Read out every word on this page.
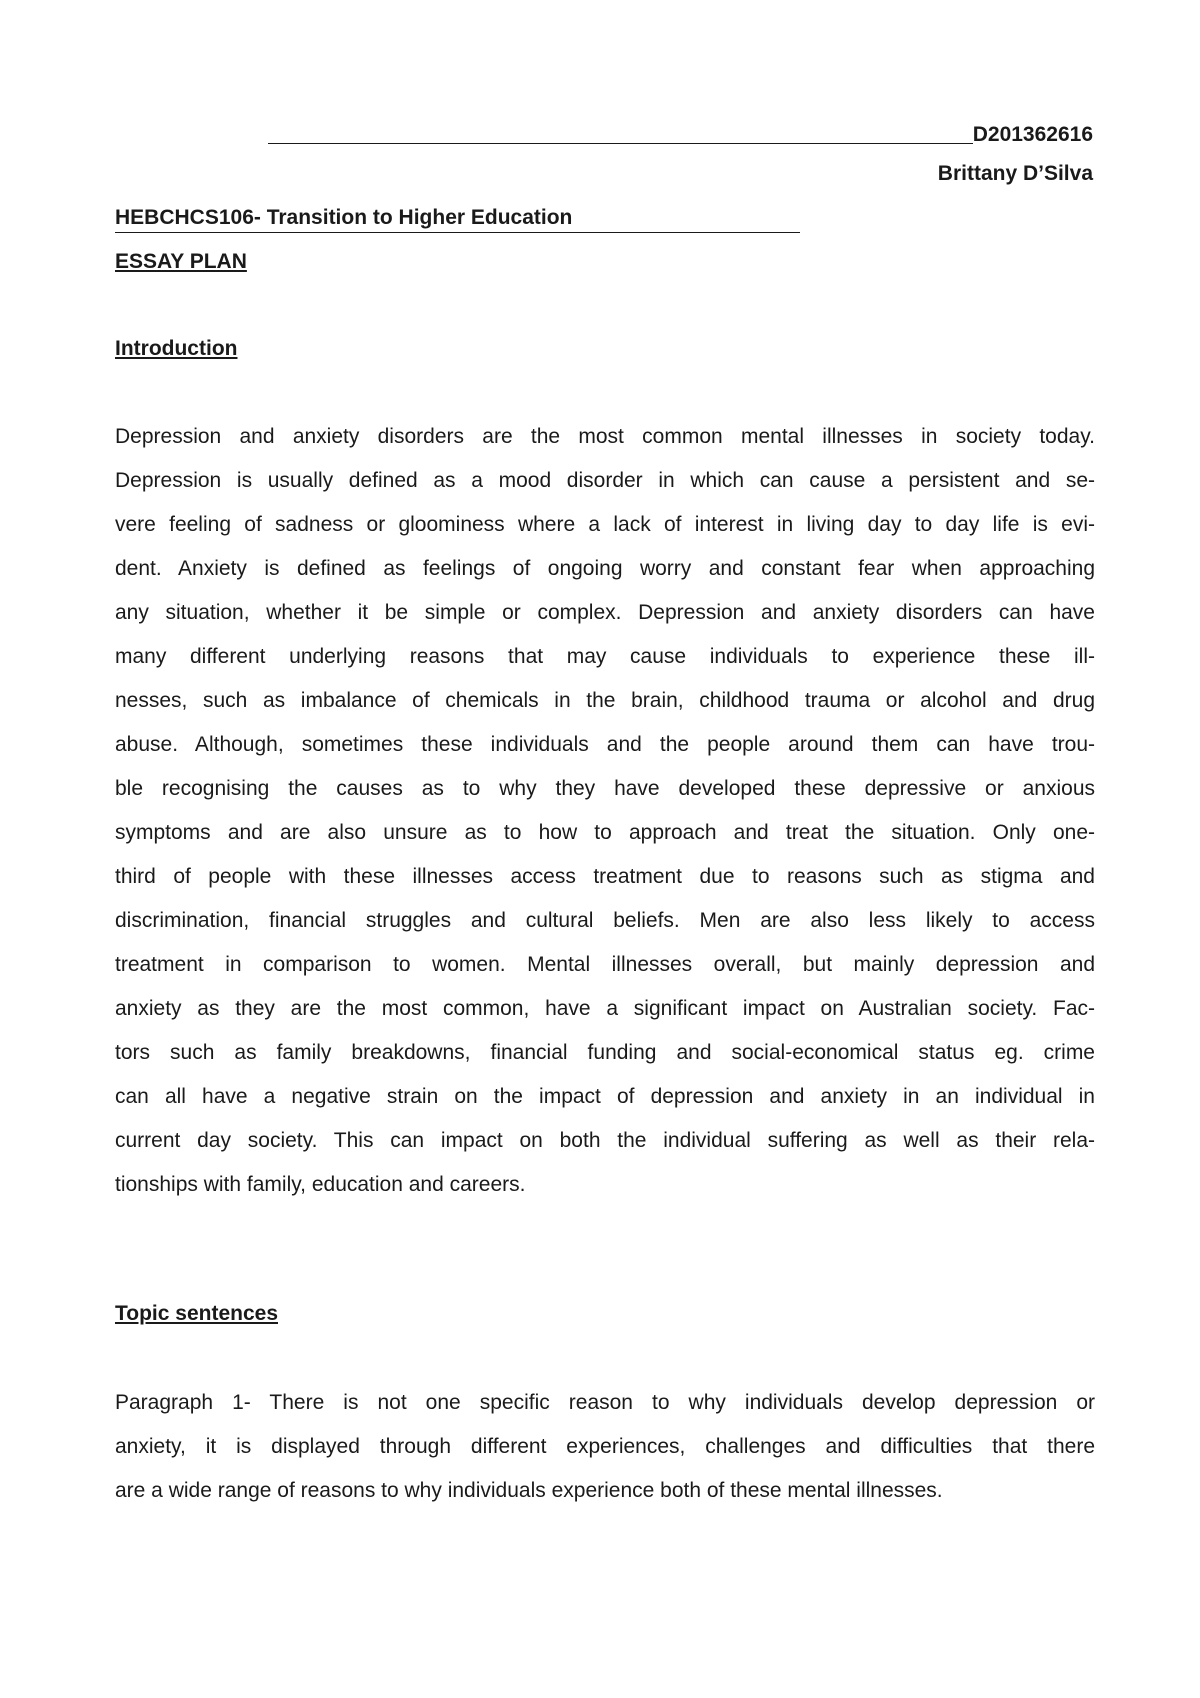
D201362616
Brittany D’Silva
HEBCHCS106- Transition to Higher Education
ESSAY PLAN
Introduction
Depression and anxiety disorders are the most common mental illnesses in society today.
Depression is usually defined as a mood disorder in which can cause a persistent and se-
vere feeling of sadness or gloominess where a lack of interest in living day to day life is evi-
dent. Anxiety is defined as feelings of ongoing worry and constant fear when approaching
any situation, whether it be simple or complex. Depression and anxiety disorders can have
many different underlying reasons that may cause individuals to experience these ill-
nesses, such as imbalance of chemicals in the brain, childhood trauma or alcohol and drug
abuse. Although, sometimes these individuals and the people around them can have trou-
ble recognising the causes as to why they have developed these depressive or anxious
symptoms and are also unsure as to how to approach and treat the situation. Only one-
third of people with these illnesses access treatment due to reasons such as stigma and
discrimination, financial struggles and cultural beliefs. Men are also less likely to access
treatment in comparison to women. Mental illnesses overall, but mainly depression and
anxiety as they are the most common, have a significant impact on Australian society. Fac-
tors such as family breakdowns, financial funding and social-economical status eg. crime
can all have a negative strain on the impact of depression and anxiety in an individual in
current day society. This can impact on both the individual suffering as well as their rela-
tionships with family, education and careers.
Topic sentences
Paragraph 1- There is not one specific reason to why individuals develop depression or
anxiety, it is displayed through different experiences, challenges and difficulties that there
are a wide range of reasons to why individuals experience both of these mental illnesses.
